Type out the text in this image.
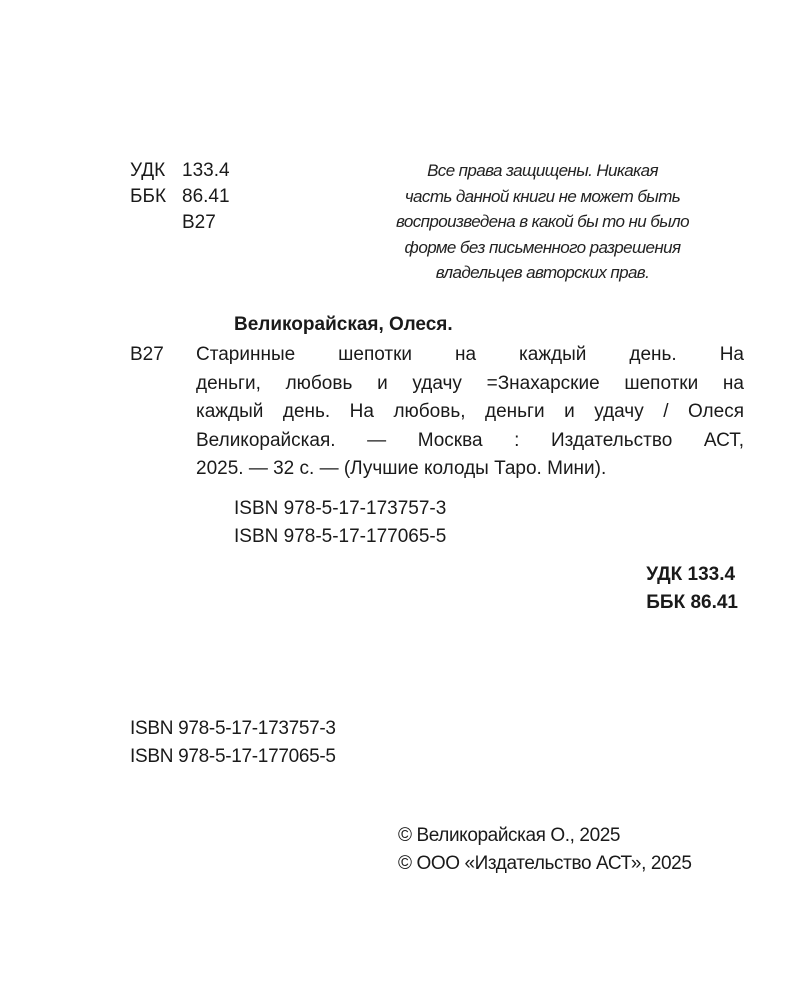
УДК 133.4
ББК 86.41
В27
Все права защищены. Никакая
часть данной книги не может быть
воспроизведена в какой бы то ни было
форме без письменного разрешения
владельцев авторских прав.
Великорайская, Олеся.
В27 Старинные шепотки на каждый день. На
деньги, любовь и удачу =Знахарские шепотки на
каждый день. На любовь, деньги и удачу / Олеся
Великорайская. — Москва : Издательство АСТ,
2025. — 32 с. — (Лучшие колоды Таро. Мини).
ISBN 978-5-17-173757-3
ISBN 978-5-17-177065-5
УДК 133.4
ББК 86.41
ISBN 978-5-17-173757-3
ISBN 978-5-17-177065-5
© Великорайская О., 2025
© ООО «Издательство АСТ», 2025
